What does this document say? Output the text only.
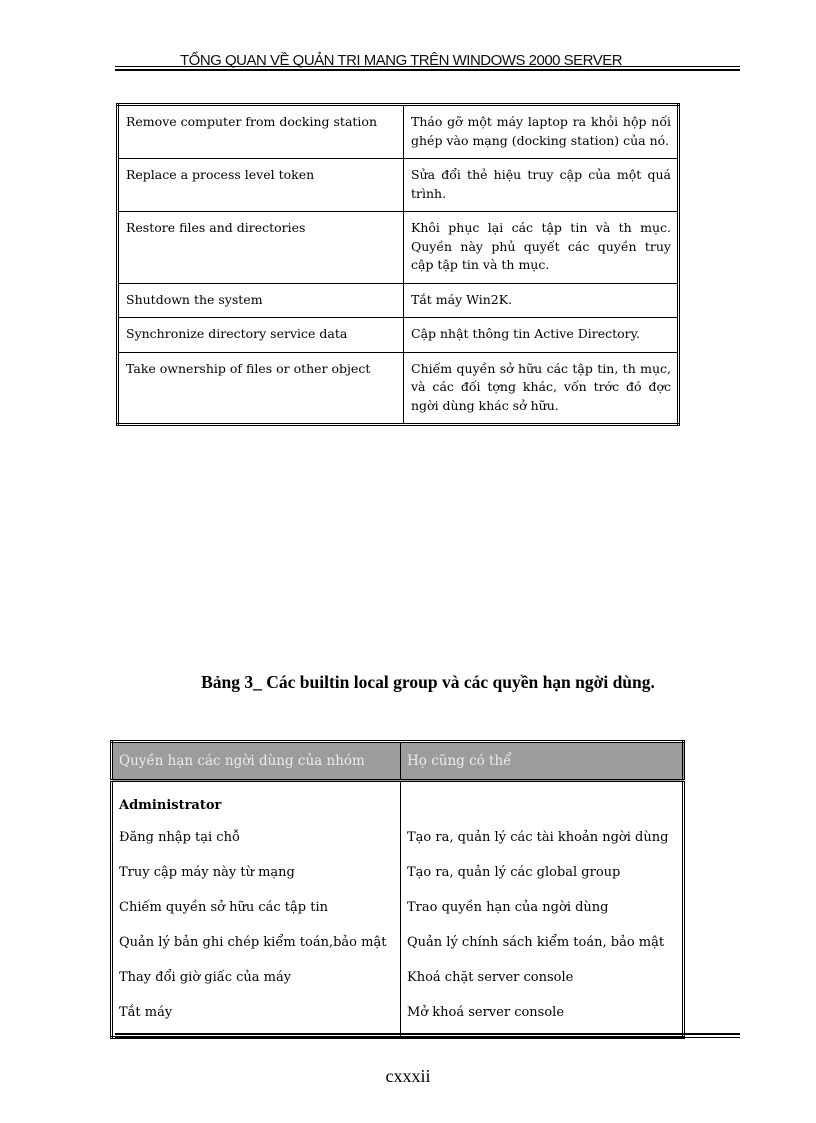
TỔNG QUAN VỀ QUẢN TRỊ MẠNG TRÊN WINDOWS 2000 SERVER
Remove computer from docking station	Tháo gỡ một máy laptop ra khỏi hộp nối ghép vào mạng (docking station) của nó.
Replace a process level token	Sửa đổi thẻ hiệu truy cập của một quá trình.
Restore files and directories	Khôi phục lại các tập tin và th mục. Quyền này phủ quyết các quyền truy cập tập tin và th mục.
Shutdown the system	Tắt máy Win2K.
Synchronize directory service data	Cập nhật thông tin Active Directory.
Take ownership of files or other object	Chiếm quyền sở hữu các tập tin, th mục, và các đối tợng khác, vốn trớc đó đợc ngời dùng khác sở hữu.
Bảng 3_ Các builtin local group và các quyền hạn ngời dùng.
Quyền hạn các ngời dùng của nhóm	Họ cũng có thể
Administrator	
Đăng nhập tại chỗ	Tạo ra, quản lý các tài khoản ngời dùng
Truy cập máy này từ mạng	Tạo ra, quản lý các global group
Chiếm quyền sở hữu các tập tin	Trao quyền hạn của ngời dùng
Quản lý bản ghi chép kiểm toán,bảo mật	Quản lý chính sách kiểm toán, bảo mật
Thay đổi giờ giấc của máy	Khoá chặt server console
Tắt máy	Mở khoá server console
cxxxii
